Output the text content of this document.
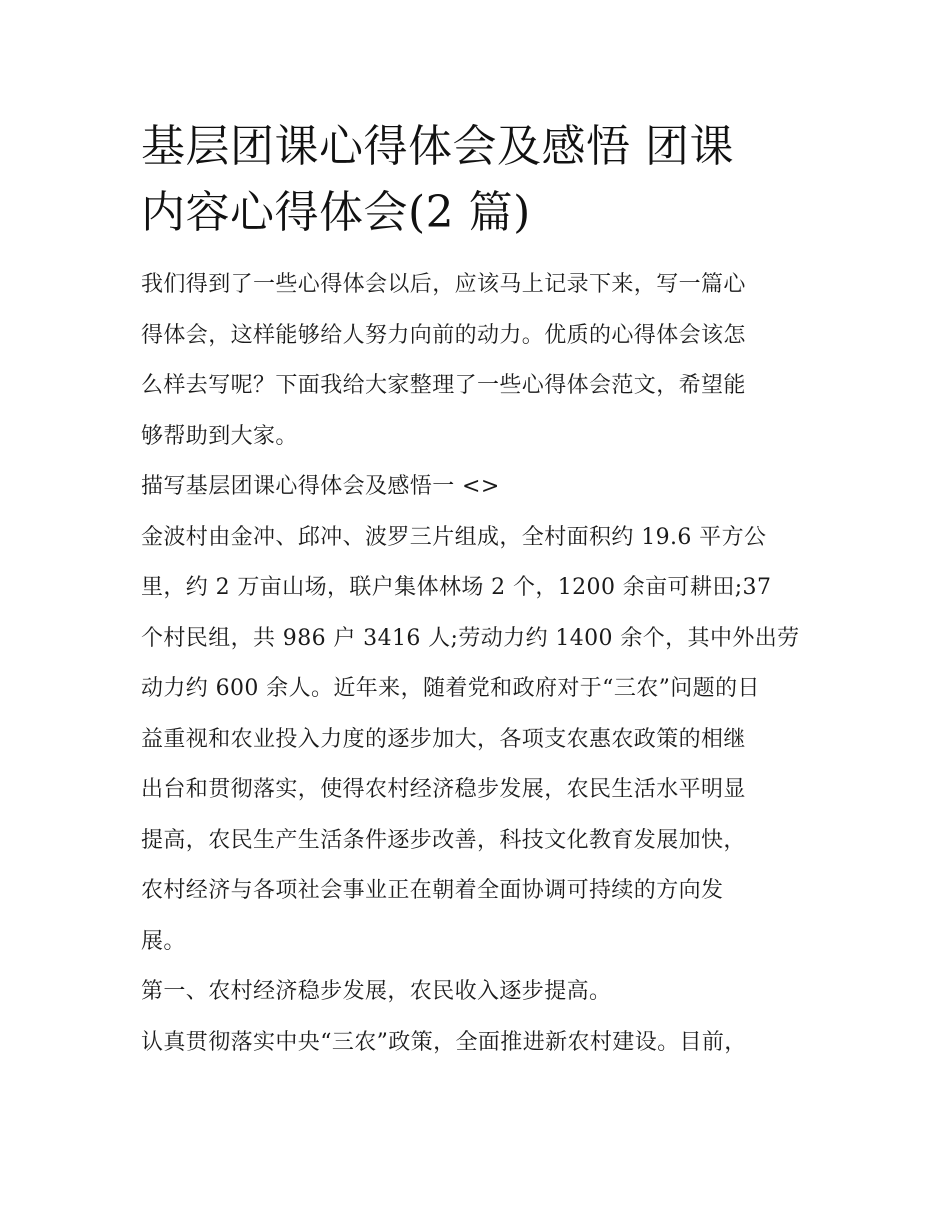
基层团课心得体会及感悟 团课
内容心得体会(2 篇)

我们得到了一些心得体会以后，应该马上记录下来，写一篇心
得体会，这样能够给人努力向前的动力。优质的心得体会该怎
么样去写呢？下面我给大家整理了一些心得体会范文，希望能
够帮助到大家。

描写基层团课心得体会及感悟一 <>

金波村由金冲、邱冲、波罗三片组成，全村面积约 19.6 平方公
里，约 2 万亩山场，联户集体林场 2 个，1200 余亩可耕田;37
个村民组，共 986 户 3416 人;劳动力约 1400 余个，其中外出劳
动力约 600 余人。近年来，随着党和政府对于“三农”问题的日
益重视和农业投入力度的逐步加大，各项支农惠农政策的相继
出台和贯彻落实，使得农村经济稳步发展，农民生活水平明显
提高，农民生产生活条件逐步改善，科技文化教育发展加快，
农村经济与各项社会事业正在朝着全面协调可持续的方向发
展。

第一、农村经济稳步发展，农民收入逐步提高。

认真贯彻落实中央“三农”政策，全面推进新农村建设。目前，
